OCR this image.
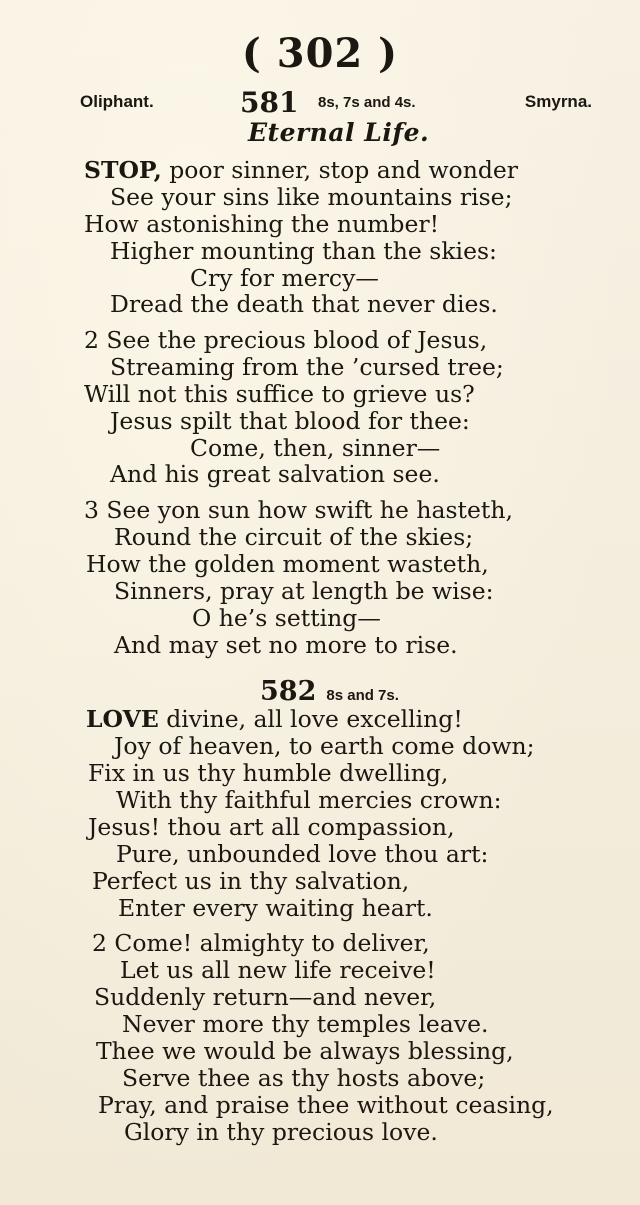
( 302 )
Oliphant.	581 8s, 7s and 4s.	Smyrna.
Eternal Life.
STOP, poor sinner, stop and wonder
See your sins like mountains rise;
How astonishing the number!
Higher mounting than the skies:
Cry for mercy—
Dread the death that never dies.
2 See the precious blood of Jesus,
Streaming from the ’cursed tree;
Will not this suffice to grieve us?
Jesus spilt that blood for thee:
Come, then, sinner—
And his great salvation see.
3 See yon sun how swift he hasteth,
Round the circuit of the skies;
How the golden moment wasteth,
Sinners, pray at length be wise:
O he’s setting—
And may set no more to rise.
582 8s and 7s.
LOVE divine, all love excelling!
Joy of heaven, to earth come down;
Fix in us thy humble dwelling,
With thy faithful mercies crown:
Jesus! thou art all compassion,
Pure, unbounded love thou art:
Perfect us in thy salvation,
Enter every waiting heart.
2 Come! almighty to deliver,
Let us all new life receive!
Suddenly return—and never,
Never more thy temples leave.
Thee we would be always blessing,
Serve thee as thy hosts above;
Pray, and praise thee without ceasing,
Glory in thy precious love.
